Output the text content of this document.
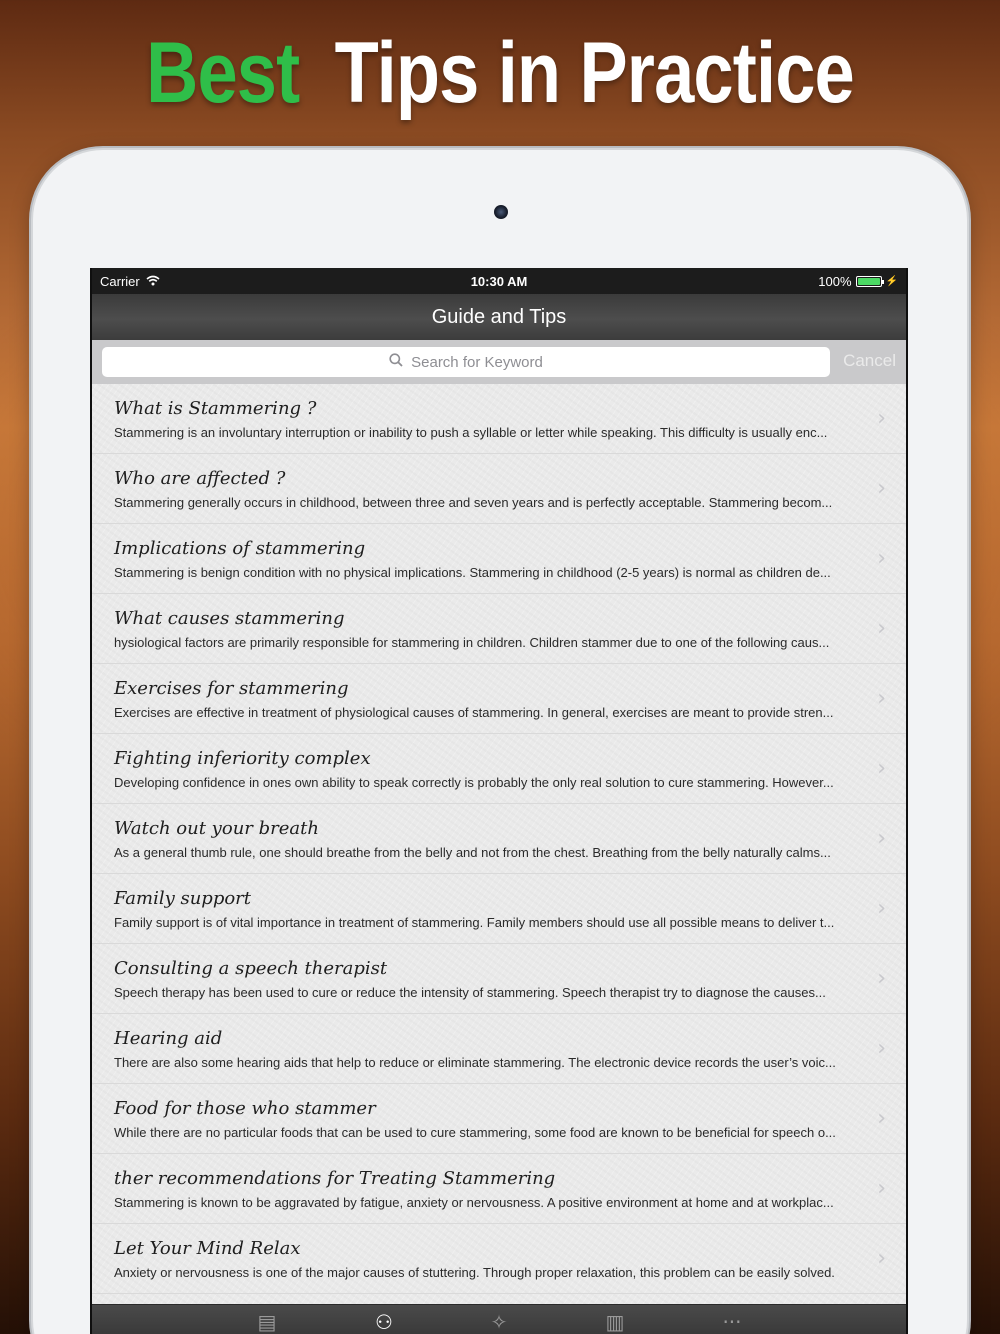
Best Tips in Practice
Carrier	10:30 AM	100%	⚡
Guide and Tips
Search for Keyword	Cancel
What is Stammering ?
Stammering is an involuntary interruption or inability to push a syllable or letter while speaking. This difficulty is usually enc...
›
Who are affected ?
Stammering generally occurs in childhood, between three and seven years and is perfectly acceptable. Stammering becom...
›
Implications of stammering
Stammering is benign condition with no physical implications. Stammering in childhood (2-5 years) is normal as children de...
›
What causes stammering
hysiological factors are primarily responsible for stammering in children. Children stammer due to one of the following caus...
›
Exercises for stammering
Exercises are effective in treatment of physiological causes of stammering. In general, exercises are meant to provide stren...
›
Fighting inferiority complex
Developing confidence in ones own ability to speak correctly is probably the only real solution to cure stammering. However...
›
Watch out your breath
As a general thumb rule, one should breathe from the belly and not from the chest. Breathing from the belly naturally calms...
›
Family support
Family support is of vital importance in treatment of stammering. Family members should use all possible means to deliver t...
›
Consulting a speech therapist
Speech therapy has been used to cure or reduce the intensity of stammering. Speech therapist try to diagnose the causes...
›
Hearing aid
There are also some hearing aids that help to reduce or eliminate stammering. The electronic device records the user’s voic...
›
Food for those who stammer
While there are no particular foods that can be used to cure stammering, some food are known to be beneficial for speech o...
›
ther recommendations for Treating Stammering
Stammering is known to be aggravated by fatigue, anxiety or nervousness. A positive environment at home and at workplac...
›
Let Your Mind Relax
Anxiety or nervousness is one of the major causes of stuttering. Through proper relaxation, this problem can be easily solved.
›
▤	⚇	✧	▥	···
